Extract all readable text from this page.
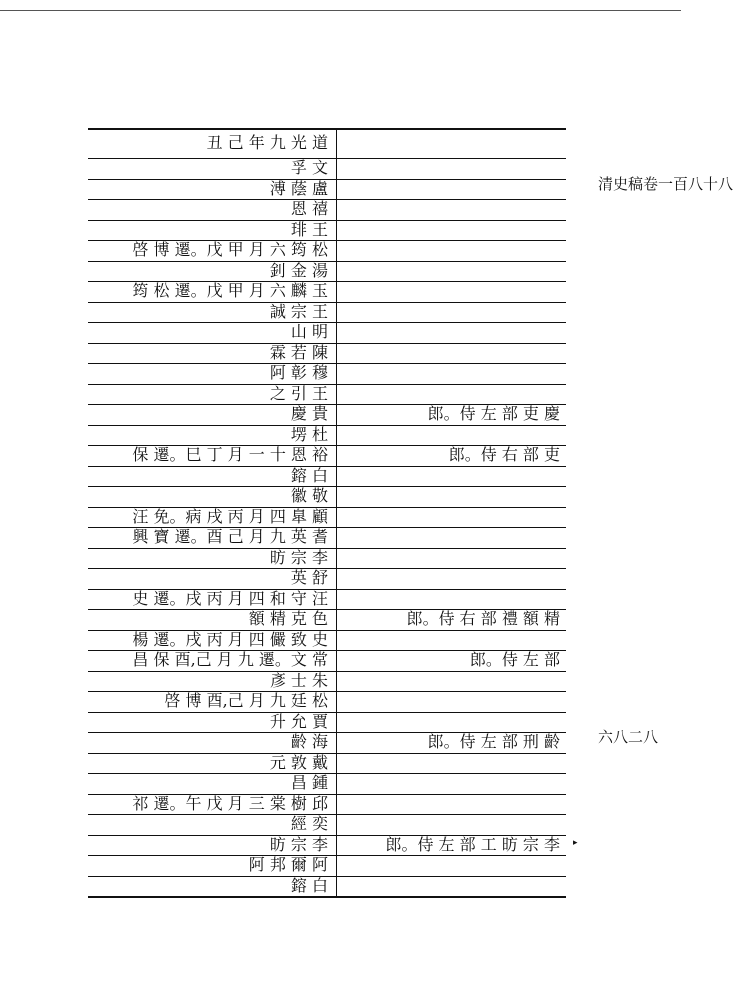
丑 己 年 九 光 道
孚 文
溥 蔭 盧
恩 禧
琲 王
啓 博 遷。戊 甲 月 六 筠 松
釗 金 湯
筠 松 遷。戊 甲 月 六 麟 玉
誠 宗 王
山 明
霖 若 陳
阿 彰 穆
之 引 王
慶 貴	郎。侍 左 部 吏 慶
塄 杜
保 遷。巳 丁 月 一 十 恩 裕	郎。侍 右 部 吏
鎔 白
徽 敬
汪 免。病 戌 丙 月 四 臯 顧
興 寶 遷。酉 己 月 九 英 耆
昉 宗 李
英 舒
史 遷。戌 丙 月 四 和 守 汪
額 精 克 色	郎。侍 右 部 禮 額 精
楊 遷。戌 丙 月 四 儼 致 史
昌 保 酉,己 月 九 遷。文 常	郎。侍 左 部
彥 士 朱
啓 博 酉,己 月 九 廷 松
升 允 賈
齡 海	郎。侍 左 部 刑 齡
元 敦 戴
昌 鍾
祁 遷。午 戊 月 三 棠 樹 邱
經 奕
昉 宗 李	郎。侍 左 部 工 昉 宗 李
阿 邦 爾 阿
鎔 白
清史稿卷一百八十八
六八二八
▸
